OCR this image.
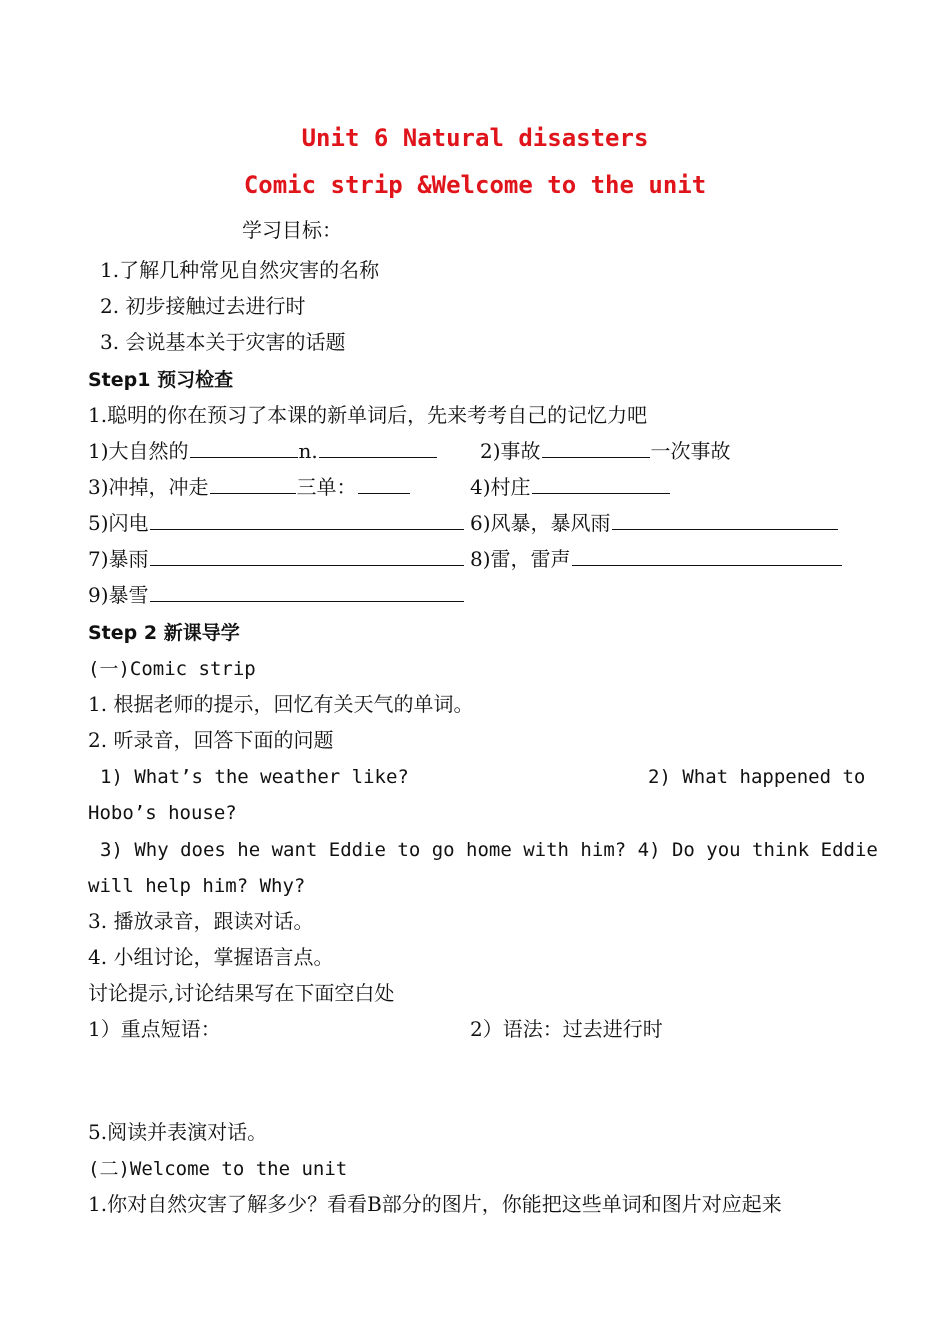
Unit 6 Natural disasters
Comic strip &Welcome to the unit
学习目标：
1.了解几种常见自然灾害的名称
2. 初步接触过去进行时
3. 会说基本关于灾害的话题
Step1 预习检查
1.聪明的你在预习了本课的新单词后，先来考考自己的记忆力吧
1)大自然的	n.	2)事故	一次事故
3)冲掉，冲走	三单：	4)村庄
5)闪电	6)风暴，暴风雨
7)暴雨	8)雷，雷声
9)暴雪
Step 2 新课导学
(一)Comic strip
1. 根据老师的提示，回忆有关天气的单词。
2. 听录音，回答下面的问题
1) What’s the weather like?	2) What happened to
Hobo’s house?
3) Why does he want Eddie to go home with him? 4) Do you think Eddie
will help him? Why?
3. 播放录音，跟读对话。
4. 小组讨论，掌握语言点。
讨论提示,讨论结果写在下面空白处
1）重点短语：	2）语法：过去进行时
5.阅读并表演对话。
(二)Welcome to the unit
1.你对自然灾害了解多少？看看B部分的图片，你能把这些单词和图片对应起来
